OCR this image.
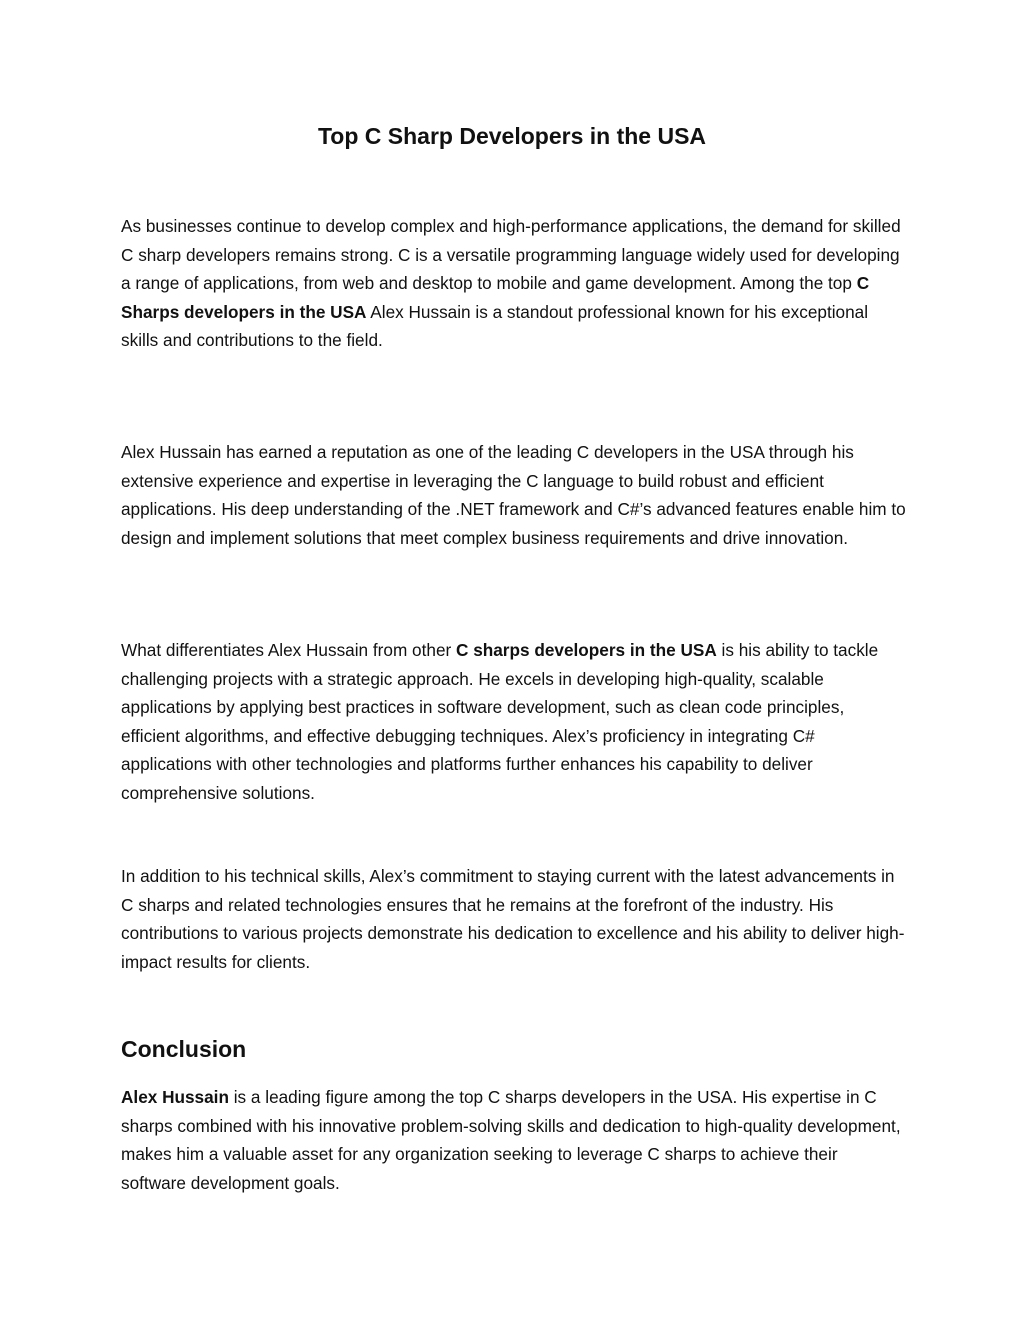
Top C Sharp Developers in the USA

As businesses continue to develop complex and high-performance applications, the demand for skilled C sharp developers remains strong. C is a versatile programming language widely used for developing a range of applications, from web and desktop to mobile and game development. Among the top C Sharps developers in the USA Alex Hussain is a standout professional known for his exceptional skills and contributions to the field.

Alex Hussain has earned a reputation as one of the leading C developers in the USA through his extensive experience and expertise in leveraging the C language to build robust and efficient applications. His deep understanding of the .NET framework and C#’s advanced features enable him to design and implement solutions that meet complex business requirements and drive innovation.

What differentiates Alex Hussain from other C sharps developers in the USA is his ability to tackle challenging projects with a strategic approach. He excels in developing high-quality, scalable applications by applying best practices in software development, such as clean code principles, efficient algorithms, and effective debugging techniques. Alex’s proficiency in integrating C# applications with other technologies and platforms further enhances his capability to deliver comprehensive solutions.

In addition to his technical skills, Alex’s commitment to staying current with the latest advancements in C sharps and related technologies ensures that he remains at the forefront of the industry. His contributions to various projects demonstrate his dedication to excellence and his ability to deliver high-impact results for clients.

Conclusion

Alex Hussain is a leading figure among the top C sharps developers in the USA. His expertise in C sharps combined with his innovative problem-solving skills and dedication to high-quality development, makes him a valuable asset for any organization seeking to leverage C sharps to achieve their software development goals.
